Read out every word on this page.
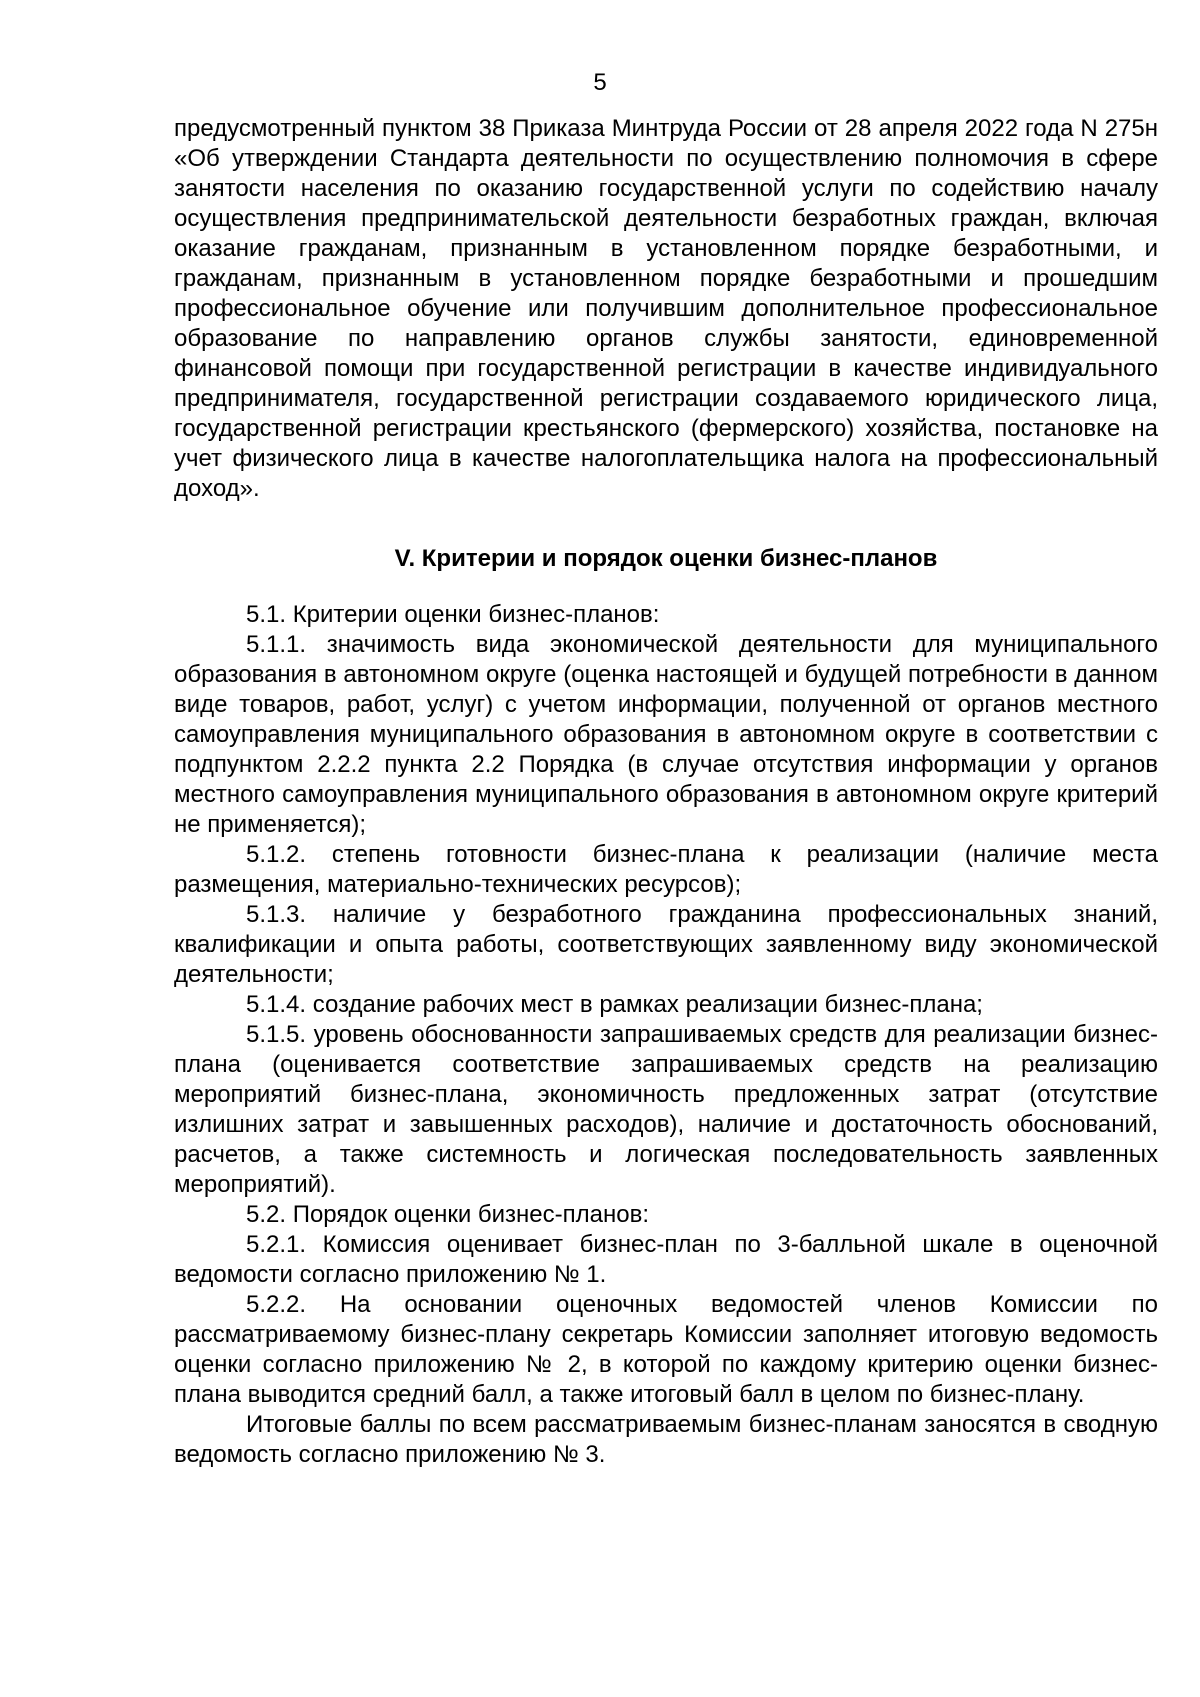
5

предусмотренный пунктом 38 Приказа Минтруда России от 28 апреля 2022 года N 275н «Об утверждении Стандарта деятельности по осуществлению полномочия в сфере занятости населения по оказанию государственной услуги по содействию началу осуществления предпринимательской деятельности безработных граждан, включая оказание гражданам, признанным в установленном порядке безработными, и гражданам, признанным в установленном порядке безработными и прошедшим профессиональное обучение или получившим дополнительное профессиональное образование по направлению органов службы занятости, единовременной финансовой помощи при государственной регистрации в качестве индивидуального предпринимателя, государственной регистрации создаваемого юридического лица, государственной регистрации крестьянского (фермерского) хозяйства, постановке на учет физического лица в качестве налогоплательщика налога на профессиональный доход».

V. Критерии и порядок оценки бизнес-планов

5.1. Критерии оценки бизнес-планов:

5.1.1. значимость вида экономической деятельности для муниципального образования в автономном округе (оценка настоящей и будущей потребности в данном виде товаров, работ, услуг) с учетом информации, полученной от органов местного самоуправления муниципального образования в автономном округе в соответствии с подпунктом 2.2.2 пункта 2.2 Порядка (в случае отсутствия информации у органов местного самоуправления муниципального образования в автономном округе критерий не применяется);

5.1.2. степень готовности бизнес-плана к реализации (наличие места размещения, материально-технических ресурсов);

5.1.3. наличие у безработного гражданина профессиональных знаний, квалификации и опыта работы, соответствующих заявленному виду экономической деятельности;

5.1.4. создание рабочих мест в рамках реализации бизнес-плана;

5.1.5. уровень обоснованности запрашиваемых средств для реализации бизнес-плана (оценивается соответствие запрашиваемых средств на реализацию мероприятий бизнес-плана, экономичность предложенных затрат (отсутствие излишних затрат и завышенных расходов), наличие и достаточность обоснований, расчетов, а также системность и логическая последовательность заявленных мероприятий).

5.2. Порядок оценки бизнес-планов:

5.2.1. Комиссия оценивает бизнес-план по 3-балльной шкале в оценочной ведомости согласно приложению № 1.

5.2.2. На основании оценочных ведомостей членов Комиссии по рассматриваемому бизнес-плану секретарь Комиссии заполняет итоговую ведомость оценки согласно приложению № 2, в которой по каждому критерию оценки бизнес-плана выводится средний балл, а также итоговый балл в целом по бизнес-плану.

Итоговые баллы по всем рассматриваемым бизнес-планам заносятся в сводную ведомость согласно приложению № 3.
